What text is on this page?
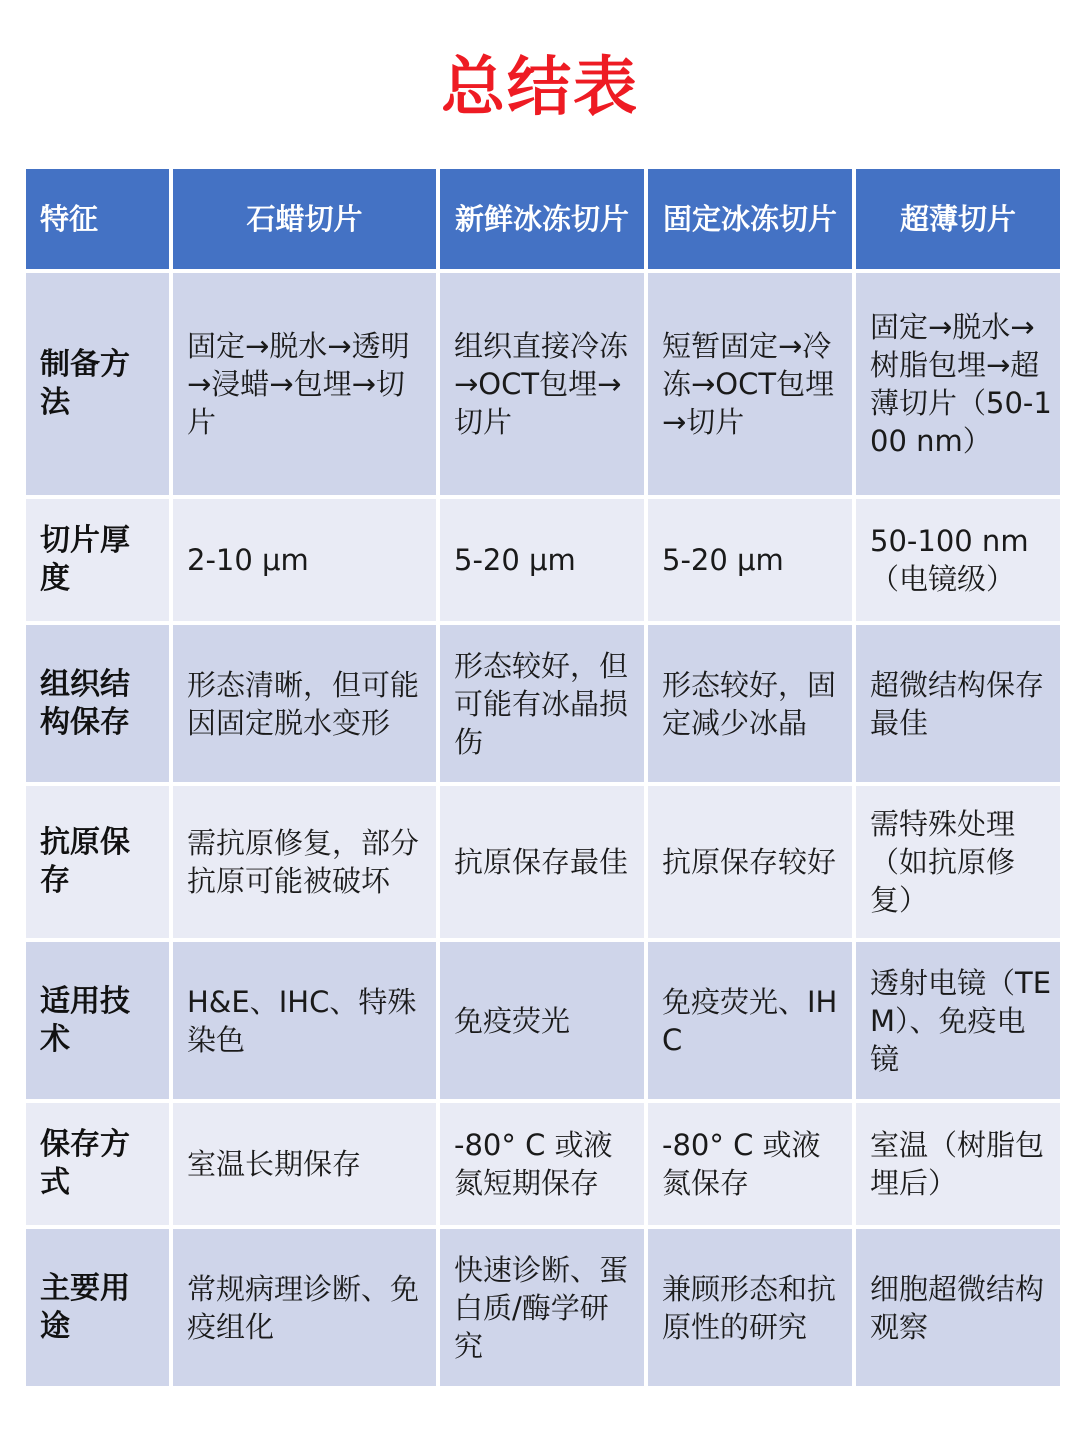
总结表
特征	石蜡切片	新鲜冰冻切片	固定冰冻切片	超薄切片
制备方法	固定→脱水→透明→浸蜡→包埋→切片	组织直接冷冻→OCT包埋→切片	短暂固定→冷冻→OCT包埋→切片	固定→脱水→树脂包埋→超薄切片（50-100 nm）
切片厚度	2-10 μm	5-20 μm	5-20 μm	50-100 nm（电镜级）
组织结构保存	形态清晰，但可能因固定脱水变形	形态较好，但可能有冰晶损伤	形态较好，固定减少冰晶	超微结构保存最佳
抗原保存	需抗原修复，部分抗原可能被破坏	抗原保存最佳	抗原保存较好	需特殊处理（如抗原修复）
适用技术	H&E、IHC、特殊染色	免疫荧光	免疫荧光、IHC	透射电镜（TEM）、免疫电镜
保存方式	室温长期保存	-80° C 或液氮短期保存	-80° C 或液氮保存	室温（树脂包埋后）
主要用途	常规病理诊断、免疫组化	快速诊断、蛋白质/酶学研究	兼顾形态和抗原性的研究	细胞超微结构观察
